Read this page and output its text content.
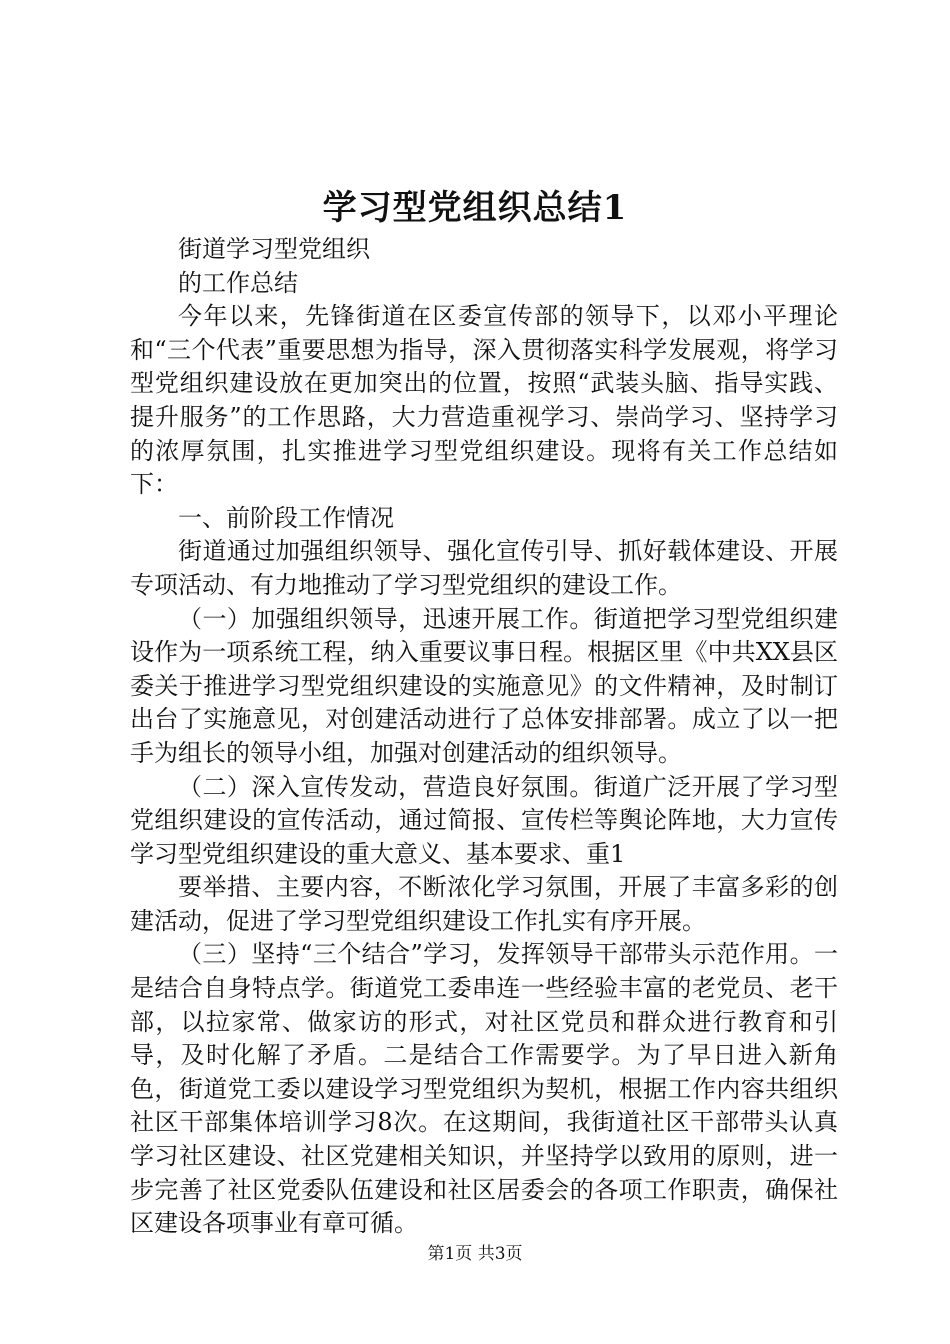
学习型党组织总结1

街道学习型党组织

的工作总结

今年以来，先锋街道在区委宣传部的领导下，以邓小平理论和“三个代表”重要思想为指导，深入贯彻落实科学发展观，将学习型党组织建设放在更加突出的位置，按照“武装头脑、指导实践、提升服务”的工作思路，大力营造重视学习、崇尚学习、坚持学习的浓厚氛围，扎实推进学习型党组织建设。现将有关工作总结如下：

一、前阶段工作情况

街道通过加强组织领导、强化宣传引导、抓好载体建设、开展专项活动、有力地推动了学习型党组织的建设工作。

（一）加强组织领导，迅速开展工作。街道把学习型党组织建设作为一项系统工程，纳入重要议事日程。根据区里《中共XX县区委关于推进学习型党组织建设的实施意见》的文件精神，及时制订出台了实施意见，对创建活动进行了总体安排部署。成立了以一把手为组长的领导小组，加强对创建活动的组织领导。

（二）深入宣传发动，营造良好氛围。街道广泛开展了学习型党组织建设的宣传活动，通过简报、宣传栏等舆论阵地，大力宣传学习型党组织建设的重大意义、基本要求、重1

要举措、主要内容，不断浓化学习氛围，开展了丰富多彩的创建活动，促进了学习型党组织建设工作扎实有序开展。

（三）坚持“三个结合”学习，发挥领导干部带头示范作用。一是结合自身特点学。街道党工委串连一些经验丰富的老党员、老干部，以拉家常、做家访的形式，对社区党员和群众进行教育和引导，及时化解了矛盾。二是结合工作需要学。为了早日进入新角色，街道党工委以建设学习型党组织为契机，根据工作内容共组织社区干部集体培训学习8次。在这期间，我街道社区干部带头认真学习社区建设、社区党建相关知识，并坚持学以致用的原则，进一步完善了社区党委队伍建设和社区居委会的各项工作职责，确保社区建设各项事业有章可循。

第1页 共3页
